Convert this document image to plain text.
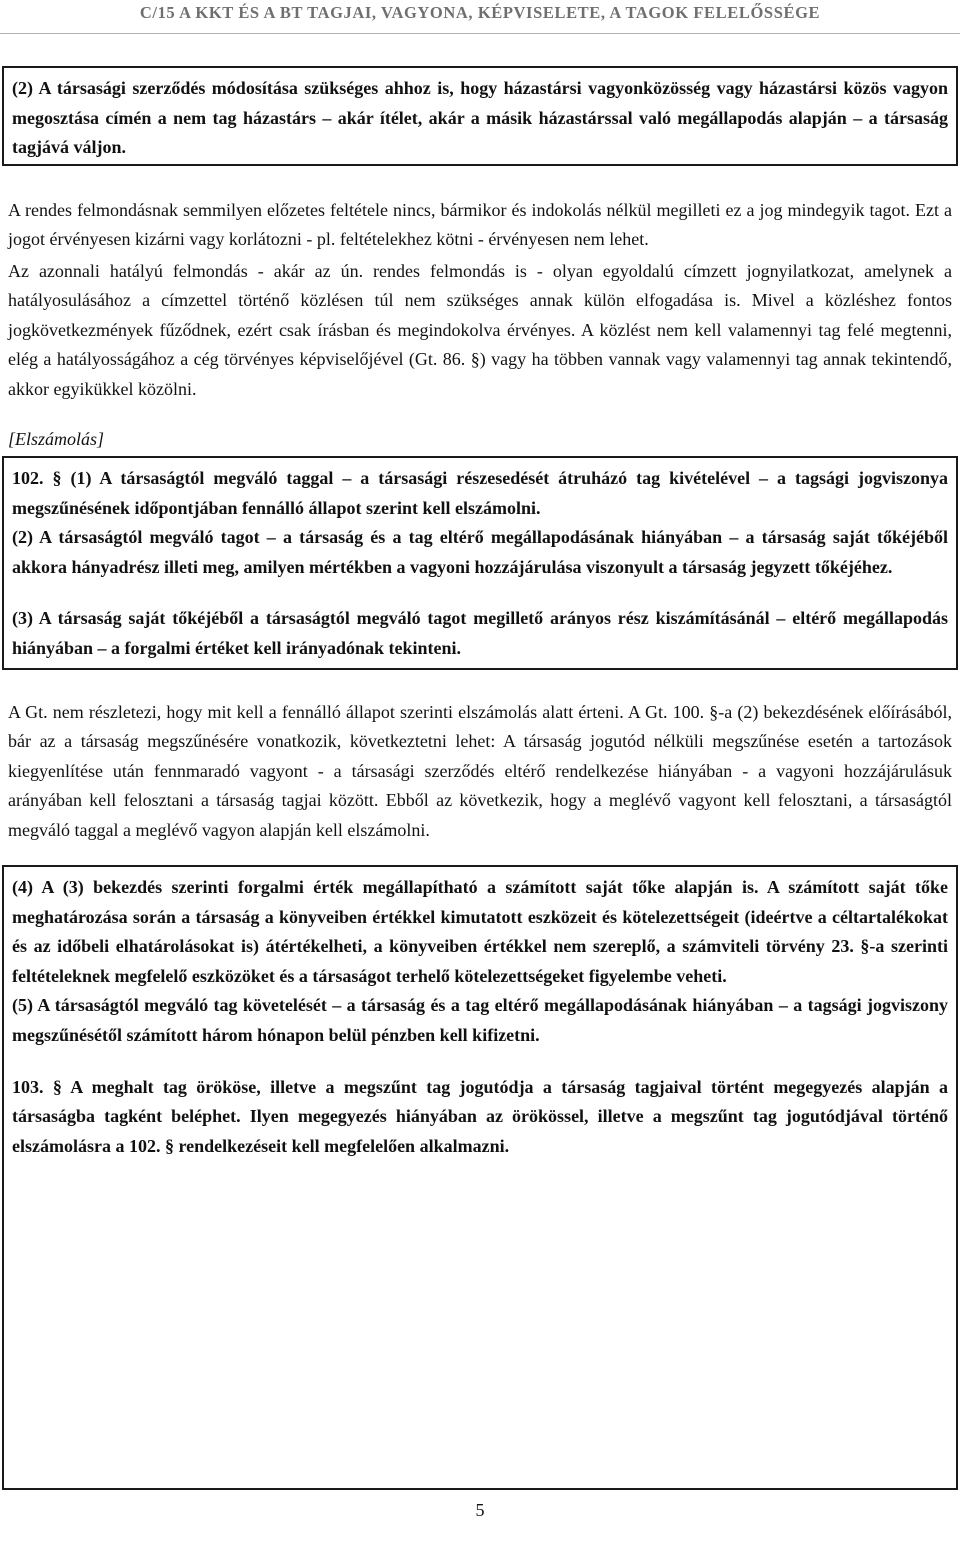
C/15 A KKT ÉS A BT TAGJAI, VAGYONA, KÉPVISELETE, A TAGOK FELELŐSSÉGE

(2) A társasági szerződés módosítása szükséges ahhoz is, hogy házastársi vagyonközösség vagy házastársi közös vagyon megosztása címén a nem tag házastárs – akár ítélet, akár a másik házastárssal való megállapodás alapján – a társaság tagjává váljon.

A rendes felmondásnak semmilyen előzetes feltétele nincs, bármikor és indokolás nélkül megilleti ez a jog mindegyik tagot. Ezt a jogot érvényesen kizárni vagy korlátozni - pl. feltételekhez kötni - érvényesen nem lehet.

Az azonnali hatályú felmondás - akár az ún. rendes felmondás is - olyan egyoldalú címzett jognyilatkozat, amelynek a hatályosulásához a címzettel történő közlésen túl nem szükséges annak külön elfogadása is. Mivel a közléshez fontos jogkövetkezmények fűződnek, ezért csak írásban és megindokolva érvényes. A közlést nem kell valamennyi tag felé megtenni, elég a hatályosságához a cég törvényes képviselőjével (Gt. 86. §) vagy ha többen vannak vagy valamennyi tag annak tekintendő, akkor egyikükkel közölni.

[Elszámolás]

102. § (1) A társaságtól megváló taggal – a társasági részesedését átruházó tag kivételével – a tagsági jogviszonya megszűnésének időpontjában fennálló állapot szerint kell elszámolni.

(2) A társaságtól megváló tagot – a társaság és a tag eltérő megállapodásának hiányában – a társaság saját tőkéjéből akkora hányadrész illeti meg, amilyen mértékben a vagyoni hozzájárulása viszonyult a társaság jegyzett tőkéjéhez.

(3) A társaság saját tőkéjéből a társaságtól megváló tagot megillető arányos rész kiszámításánál – eltérő megállapodás hiányában – a forgalmi értéket kell irányadónak tekinteni.

A Gt. nem részletezi, hogy mit kell a fennálló állapot szerinti elszámolás alatt érteni. A Gt. 100. §-a (2) bekezdésének előírásából, bár az a társaság megszűnésére vonatkozik, következtetni lehet: A társaság jogutód nélküli megszűnése esetén a tartozások kiegyenlítése után fennmaradó vagyont - a társasági szerződés eltérő rendelkezése hiányában - a vagyoni hozzájárulásuk arányában kell felosztani a társaság tagjai között. Ebből az következik, hogy a meglévő vagyont kell felosztani, a társaságtól megváló taggal a meglévő vagyon alapján kell elszámolni.

(4) A (3) bekezdés szerinti forgalmi érték megállapítható a számított saját tőke alapján is. A számított saját tőke meghatározása során a társaság a könyveiben értékkel kimutatott eszközeit és kötelezettségeit (ideértve a céltartalékokat és az időbeli elhatárolásokat is) átértékelheti, a könyveiben értékkel nem szereplő, a számviteli törvény 23. §-a szerinti feltételeknek megfelelő eszközöket és a társaságot terhelő kötelezettségeket figyelembe veheti.

(5) A társaságtól megváló tag követelését – a társaság és a tag eltérő megállapodásának hiányában – a tagsági jogviszony megszűnésétől számított három hónapon belül pénzben kell kifizetni.

103. § A meghalt tag örököse, illetve a megszűnt tag jogutódja a társaság tagjaival történt megegyezés alapján a társaságba tagként beléphet. Ilyen megegyezés hiányában az örökössel, illetve a megszűnt tag jogutódjával történő elszámolásra a 102. § rendelkezéseit kell megfelelően alkalmazni.

5
